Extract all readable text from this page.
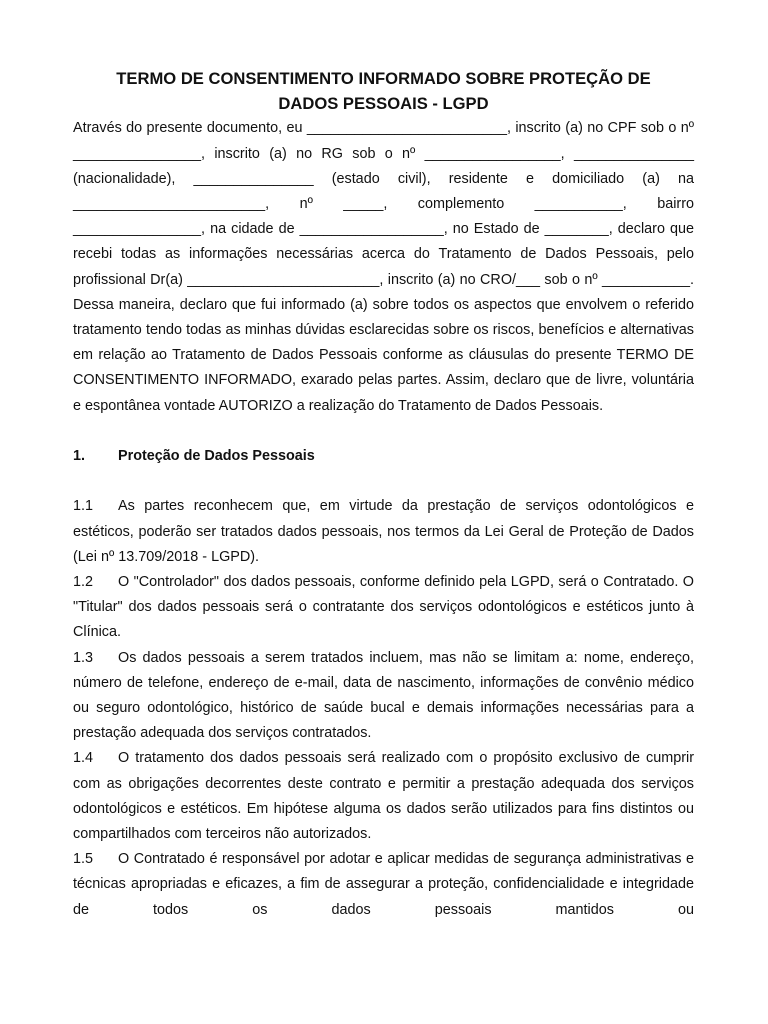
TERMO DE CONSENTIMENTO INFORMADO SOBRE PROTEÇÃO DE
DADOS PESSOAIS - LGPD

Através do presente documento, eu _________________________, inscrito (a) no CPF sob o nº ________________, inscrito (a) no RG sob o nº _________________, _______________ (nacionalidade), _______________ (estado civil), residente e domiciliado (a) na ________________________, nº _____, complemento ___________, bairro ________________, na cidade de __________________, no Estado de ________, declaro que recebi todas as informações necessárias acerca do Tratamento de Dados Pessoais, pelo profissional Dr(a) ________________________, inscrito (a) no CRO/___ sob o nº ___________. Dessa maneira, declaro que fui informado (a) sobre todos os aspectos que envolvem o referido tratamento tendo todas as minhas dúvidas esclarecidas sobre os riscos, benefícios e alternativas em relação ao Tratamento de Dados Pessoais conforme as cláusulas do presente TERMO DE CONSENTIMENTO INFORMADO, exarado pelas partes. Assim, declaro que de livre, voluntária e espontânea vontade AUTORIZO a realização do Tratamento de Dados Pessoais.

1.	Proteção de Dados Pessoais

1.1 As partes reconhecem que, em virtude da prestação de serviços odontológicos e estéticos, poderão ser tratados dados pessoais, nos termos da Lei Geral de Proteção de Dados (Lei nº 13.709/2018 - LGPD).

1.2 O "Controlador" dos dados pessoais, conforme definido pela LGPD, será o Contratado. O "Titular" dos dados pessoais será o contratante dos serviços odontológicos e estéticos junto à Clínica.

1.3 Os dados pessoais a serem tratados incluem, mas não se limitam a: nome, endereço, número de telefone, endereço de e-mail, data de nascimento, informações de convênio médico ou seguro odontológico, histórico de saúde bucal e demais informações necessárias para a prestação adequada dos serviços contratados.

1.4 O tratamento dos dados pessoais será realizado com o propósito exclusivo de cumprir com as obrigações decorrentes deste contrato e permitir a prestação adequada dos serviços odontológicos e estéticos. Em hipótese alguma os dados serão utilizados para fins distintos ou compartilhados com terceiros não autorizados.

1.5 O Contratado é responsável por adotar e aplicar medidas de segurança administrativas e técnicas apropriadas e eficazes, a fim de assegurar a proteção, confidencialidade e integridade de todos os dados pessoais mantidos ou
